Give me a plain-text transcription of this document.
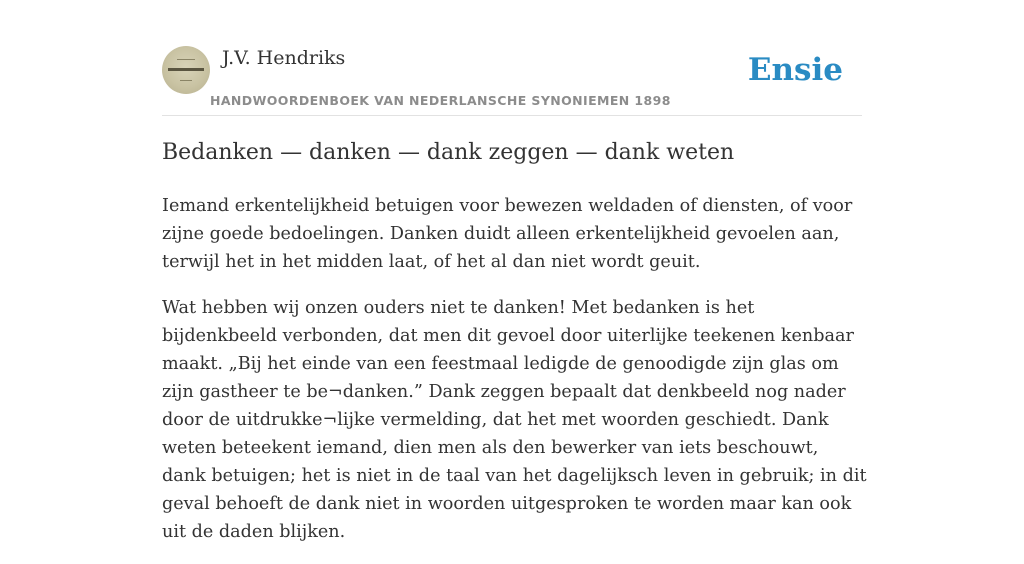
J.V. Hendriks	Ensie
HANDWOORDENBOEK VAN NEDERLANSCHE SYNONIEMEN 1898
Bedanken — danken — dank zeggen — dank weten

Iemand erkentelijkheid betuigen voor bewezen weldaden of diensten, of voor zijne goede bedoelingen. Danken duidt alleen erkentelijkheid gevoelen aan, terwijl het in het midden laat, of het al dan niet wordt geuit.

Wat hebben wij onzen ouders niet te danken! Met bedanken is het bijdenkbeeld verbonden, dat men dit gevoel door uiterlijke teekenen kenbaar maakt. „Bij het einde van een feestmaal ledigde de genoodigde zijn glas om zijn gastheer te be¬danken.” Dank zeggen bepaalt dat denkbeeld nog nader door de uitdrukke¬lijke vermelding, dat het met woorden geschiedt. Dank weten beteekent iemand, dien men als den bewerker van iets beschouwt, dank betuigen; het is niet in de taal van het dagelijksch leven in gebruik; in dit geval behoeft de dank niet in woorden uitgesproken te worden maar kan ook uit de daden blijken.
